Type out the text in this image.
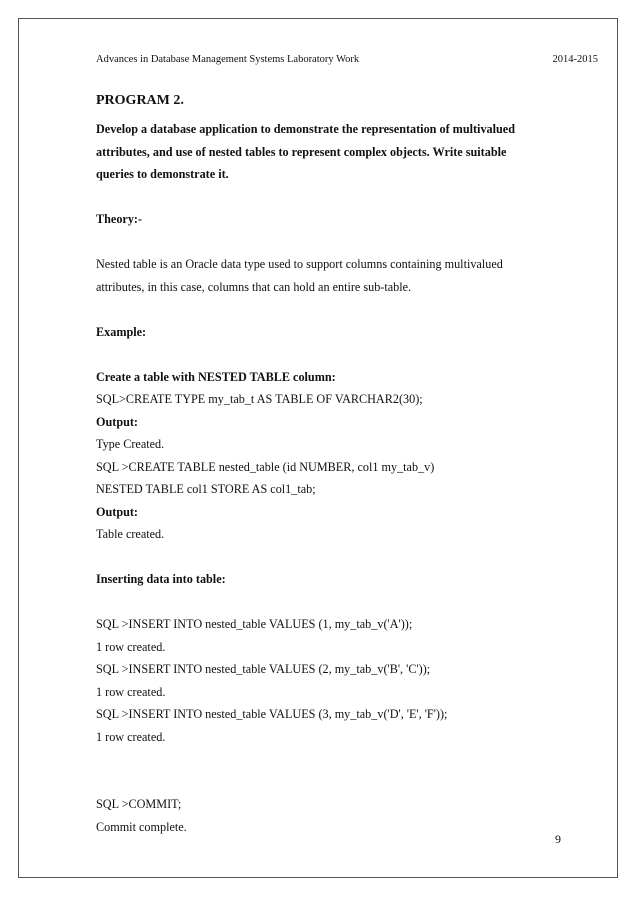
Advances in Database Management Systems Laboratory Work	2014-2015

PROGRAM 2.

Develop a database application to demonstrate the representation of multivalued

attributes, and use of nested tables to represent complex objects. Write suitable

queries to demonstrate it.

Theory:-

Nested table is an Oracle data type used to support columns containing multivalued

attributes, in this case, columns that can hold an entire sub-table.

Example:

Create a table with NESTED TABLE column:

SQL>CREATE TYPE my_tab_t AS TABLE OF VARCHAR2(30);

Output:

Type Created.

SQL >CREATE TABLE nested_table (id NUMBER, col1 my_tab_v)

NESTED TABLE col1 STORE AS col1_tab;

Output:

Table created.

Inserting data into table:

SQL >INSERT INTO nested_table VALUES (1, my_tab_v('A'));

1 row created.

SQL >INSERT INTO nested_table VALUES (2, my_tab_v('B', 'C'));

1 row created.

SQL >INSERT INTO nested_table VALUES (3, my_tab_v('D', 'E', 'F'));

1 row created.

SQL >COMMIT;

Commit complete.

9
